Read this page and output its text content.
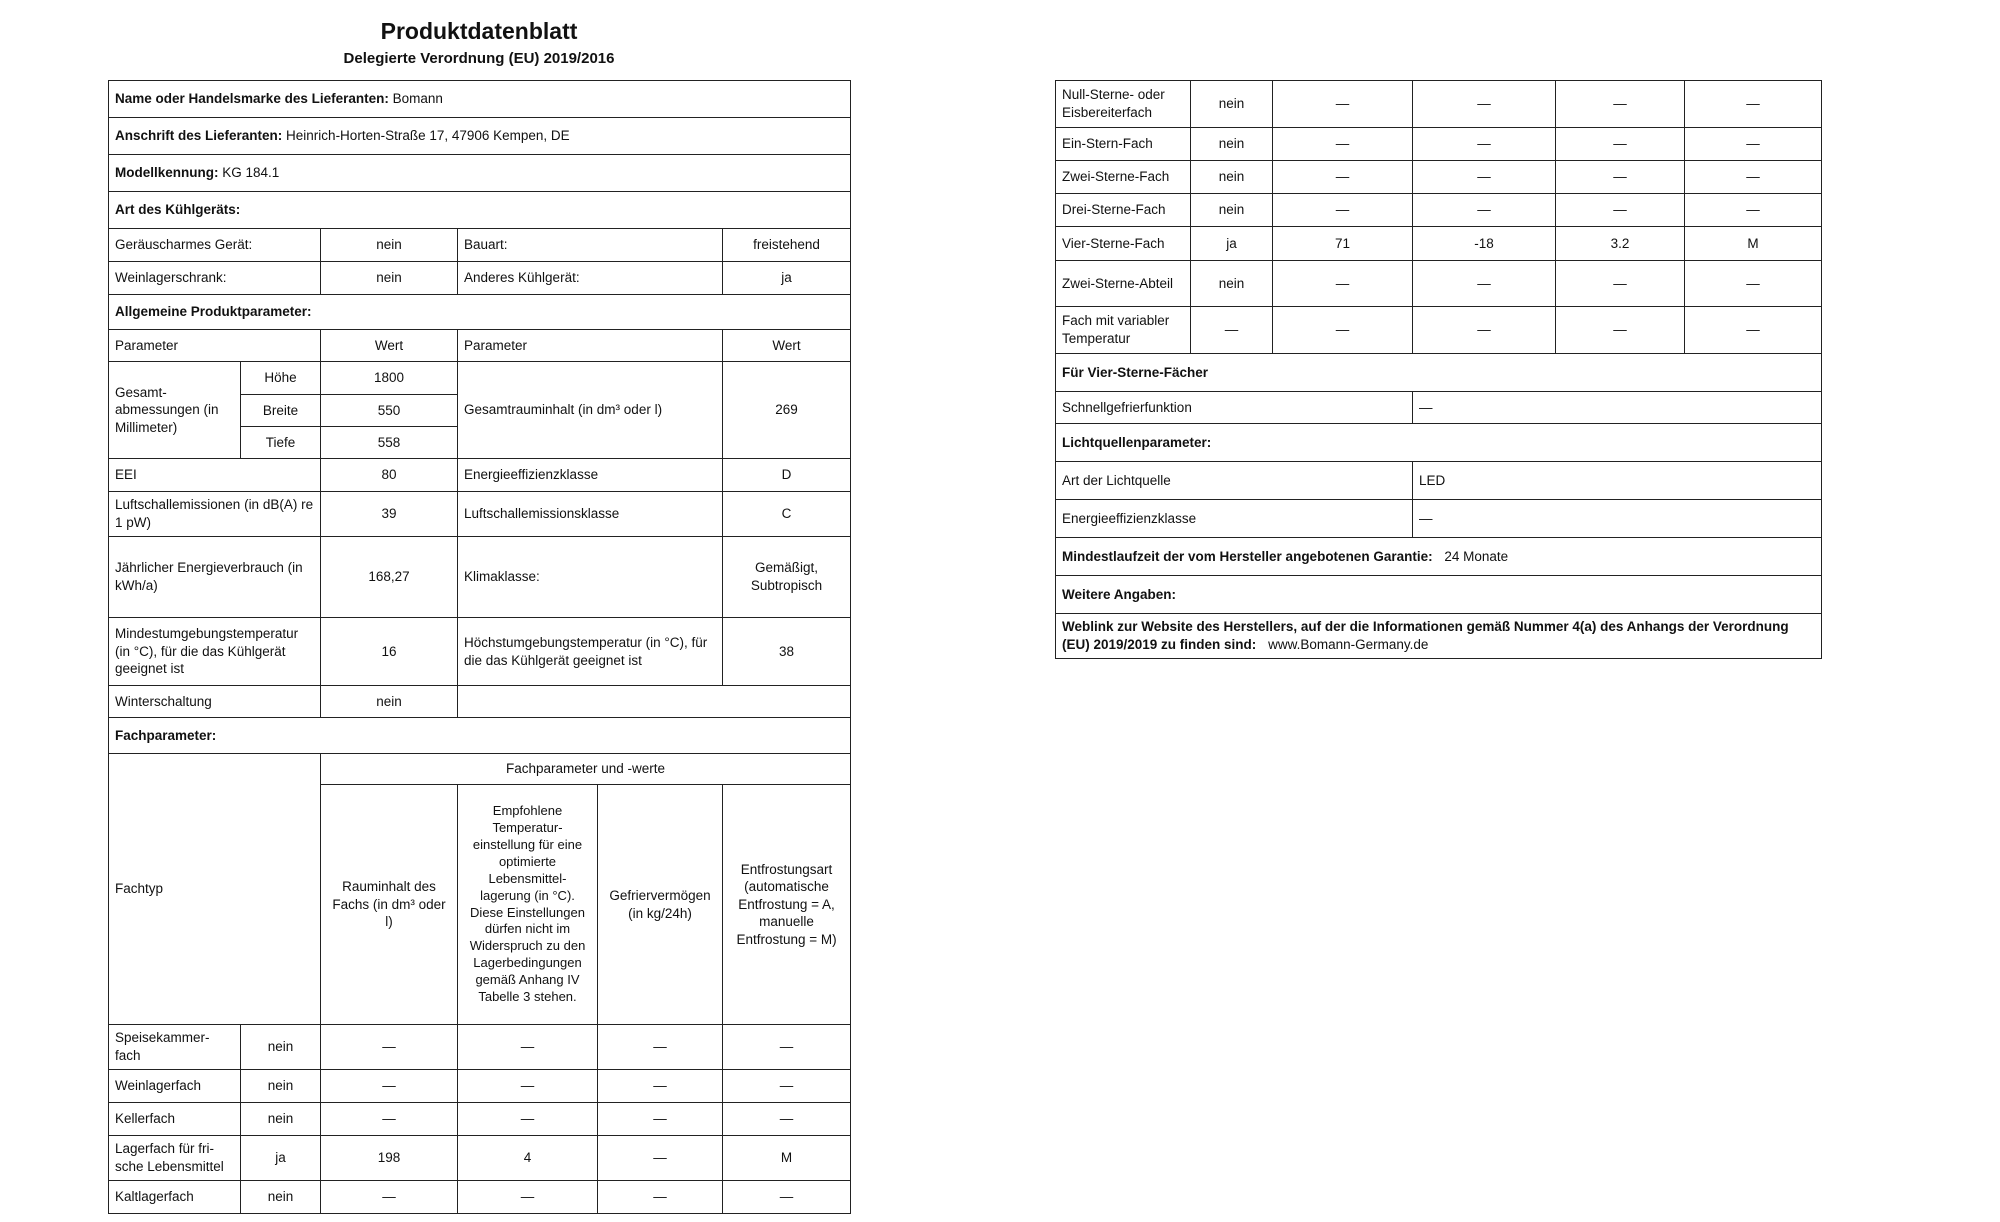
Produktdatenblatt
Delegierte Verordnung (EU) 2019/2016
Name oder Handelsmarke des Lieferanten: Bomann					
Anschrift des Lieferanten: Heinrich-Horten-Straße 17, 47906 Kempen, DE					
Modellkennung: KG 184.1					
Art des Kühlgeräts:					
Geräuscharmes Gerät:		nein	Bauart:		freistehend
Weinlagerschrank:		nein	Anderes Kühlgerät:		ja
Allgemeine Produktparameter:					
Parameter		Wert	Parameter		Wert
Gesamt-abmessungen (in Millimeter)	Höhe	1800	Gesamtrauminhalt (in dm³ oder l)		269
	Breite	550			
	Tiefe	558			
EEI		80	Energieeffizienzklasse		D
Luftschallemissionen (in dB(A) re 1 pW)		39	Luftschallemissionsklasse		C
Jährlicher Energieverbrauch (in kWh/a)		168,27	Klimaklasse:		Gemäßigt, Subtropisch
Mindestumgebungstemperatur (in °C), für die das Kühlgerät geeignet ist		16	Höchstumgebungstemperatur (in °C), für die das Kühlgerät geeignet ist		38
Winterschaltung		nein			
Fachparameter:					
Fachtyp		Fachparameter und -werte			
		Rauminhalt des Fachs (in dm³ oder l)	Empfohlene Temperatur-einstellung für eine optimierte Lebensmittel-lagerung (in °C). Diese Einstellungen dürfen nicht im Widerspruch zu den Lagerbedingungen gemäß Anhang IV Tabelle 3 stehen.	Gefriervermögen (in kg/24h)	Entfrostungsart (automatische Entfrostung = A, manuelle Entfrostung = M)
Speisekammer-fach	nein	—	—	—	—
Weinlagerfach	nein	—	—	—	—
Kellerfach	nein	—	—	—	—
Lagerfach für fri-sche Lebensmittel	ja	198	4	—	M
Kaltlagerfach	nein	—	—	—	—
Null-Sterne- oder Eisbereiterfach	nein	—	—	—	—
Ein-Stern-Fach	nein	—	—	—	—
Zwei-Sterne-Fach	nein	—	—	—	—
Drei-Sterne-Fach	nein	—	—	—	—
Vier-Sterne-Fach	ja	71	-18	3.2	M
Zwei-Sterne-Abteil	nein	—	—	—	—
Fach mit variabler Temperatur	—	—	—	—	—
Für Vier-Sterne-Fächer					
Schnellgefrierfunktion			—		
Lichtquellenparameter:					
Art der Lichtquelle			LED		
Energieeffizienzklasse			—		
Mindestlaufzeit der vom Hersteller angebotenen Garantie: 24 Monate					
Weitere Angaben:					
Weblink zur Website des Herstellers, auf der die Informationen gemäß Nummer 4(a) des Anhangs der Verordnung (EU) 2019/2019 zu finden sind: www.Bomann-Germany.de					
